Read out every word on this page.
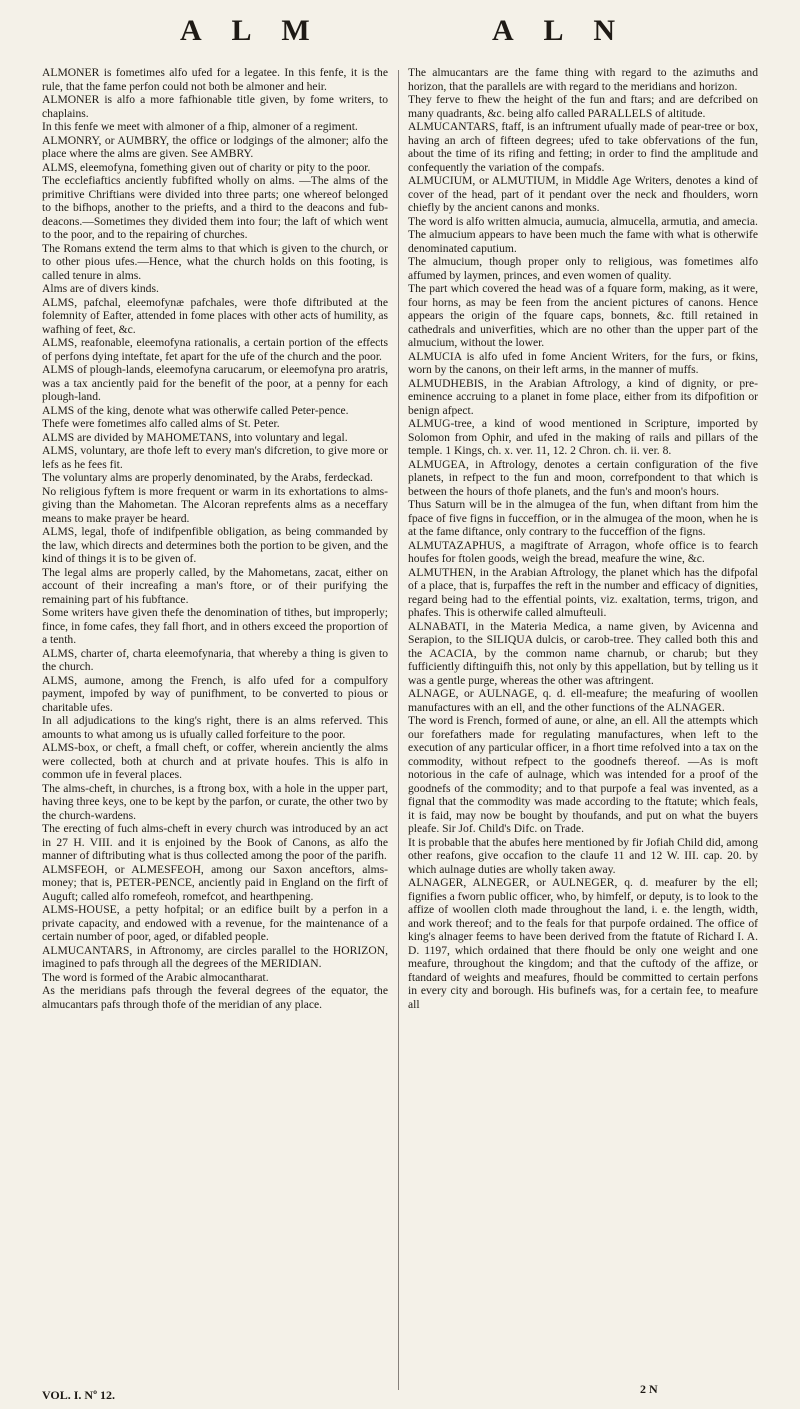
A L M	A L N

ALMONER is fometimes alfo ufed for a legatee. In this fenfe, it is the rule, that the fame perfon could not both be almoner and heir.

ALMONER is alfo a more fafhionable title given, by fome writers, to chaplains.

In this fenfe we meet with almoner of a fhip, almoner of a regiment.

ALMONRY, or AUMBRY, the office or lodgings of the almoner; alfo the place where the alms are given. See AMBRY.

ALMS, eleemofyna, fomething given out of charity or pity to the poor.

The ecclefiaftics anciently fubfifted wholly on alms. —The alms of the primitive Chriftians were divided into three parts; one whereof belonged to the bifhops, another to the priefts, and a third to the deacons and fub-deacons.—Sometimes they divided them into four; the laft of which went to the poor, and to the repairing of churches.

The Romans extend the term alms to that which is given to the church, or to other pious ufes.—Hence, what the church holds on this footing, is called tenure in alms.

Alms are of divers kinds.

ALMS, pafchal, eleemofynæ pafchales, were thofe diftributed at the folemnity of Eafter, attended in fome places with other acts of humility, as wafhing of feet, &c.

ALMS, reafonable, eleemofyna rationalis, a certain portion of the effects of perfons dying inteftate, fet apart for the ufe of the church and the poor.

ALMS of plough-lands, eleemofyna carucarum, or eleemofyna pro aratris, was a tax anciently paid for the benefit of the poor, at a penny for each plough-land.

ALMS of the king, denote what was otherwife called Peter-pence.

Thefe were fometimes alfo called alms of St. Peter.

ALMS are divided by MAHOMETANS, into voluntary and legal.

ALMS, voluntary, are thofe left to every man's difcretion, to give more or lefs as he fees fit.

The voluntary alms are properly denominated, by the Arabs, ferdeckad.

No religious fyftem is more frequent or warm in its exhortations to alms-giving than the Mahometan. The Alcoran reprefents alms as a neceffary means to make prayer be heard.

ALMS, legal, thofe of indifpenfible obligation, as being commanded by the law, which directs and determines both the portion to be given, and the kind of things it is to be given of.

The legal alms are properly called, by the Mahometans, zacat, either on account of their increafing a man's ftore, or of their purifying the remaining part of his fubftance.

Some writers have given thefe the denomination of tithes, but improperly; fince, in fome cafes, they fall fhort, and in others exceed the proportion of a tenth.

ALMS, charter of, charta eleemofynaria, that whereby a thing is given to the church.

ALMS, aumone, among the French, is alfo ufed for a compulfory payment, impofed by way of punifhment, to be converted to pious or charitable ufes.

In all adjudications to the king's right, there is an alms referved. This amounts to what among us is ufually called forfeiture to the poor.

ALMS-box, or cheft, a fmall cheft, or coffer, wherein anciently the alms were collected, both at church and at private houfes. This is alfo in common ufe in feveral places.

The alms-cheft, in churches, is a ftrong box, with a hole in the upper part, having three keys, one to be kept by the parfon, or curate, the other two by the church-wardens.

The erecting of fuch alms-cheft in every church was introduced by an act in 27 H. VIII. and it is enjoined by the Book of Canons, as alfo the manner of diftributing what is thus collected among the poor of the parifh.

ALMSFEOH, or ALMESFEOH, among our Saxon anceftors, alms-money; that is, PETER-PENCE, anciently paid in England on the firft of Auguft; called alfo romefeoh, romefcot, and hearthpening.

ALMS-HOUSE, a petty hofpital; or an edifice built by a perfon in a private capacity, and endowed with a revenue, for the maintenance of a certain number of poor, aged, or difabled people.

ALMUCANTARS, in Aftronomy, are circles parallel to the HORIZON, imagined to pafs through all the degrees of the MERIDIAN.

The word is formed of the Arabic almocantharat.

As the meridians pafs through the feveral degrees of the equator, the almucantars pafs through thofe of the meridian of any place.

The almucantars are the fame thing with regard to the azimuths and horizon, that the parallels are with regard to the meridians and horizon.

They ferve to fhew the height of the fun and ftars; and are defcribed on many quadrants, &c. being alfo called PARALLELS of altitude.

ALMUCANTARS, ftaff, is an inftrument ufually made of pear-tree or box, having an arch of fifteen degrees; ufed to take obfervations of the fun, about the time of its rifing and fetting; in order to find the amplitude and confequently the variation of the compafs.

ALMUCIUM, or ALMUTIUM, in Middle Age Writers, denotes a kind of cover of the head, part of it pendant over the neck and fhoulders, worn chiefly by the ancient canons and monks.

The word is alfo written almucia, aumucia, almucella, armutia, and amecia.

The almucium appears to have been much the fame with what is otherwife denominated caputium.

The almucium, though proper only to religious, was fometimes alfo affumed by laymen, princes, and even women of quality.

The part which covered the head was of a fquare form, making, as it were, four horns, as may be feen from the ancient pictures of canons. Hence appears the origin of the fquare caps, bonnets, &c. ftill retained in cathedrals and univerfities, which are no other than the upper part of the almucium, without the lower.

ALMUCIA is alfo ufed in fome Ancient Writers, for the furs, or fkins, worn by the canons, on their left arms, in the manner of muffs.

ALMUDHEBIS, in the Arabian Aftrology, a kind of dignity, or pre-eminence accruing to a planet in fome place, either from its difpofition or benign afpect.

ALMUG-tree, a kind of wood mentioned in Scripture, imported by Solomon from Ophir, and ufed in the making of rails and pillars of the temple. 1 Kings, ch. x. ver. 11, 12. 2 Chron. ch. ii. ver. 8.

ALMUGEA, in Aftrology, denotes a certain configuration of the five planets, in refpect to the fun and moon, correfpondent to that which is between the hours of thofe planets, and the fun's and moon's hours.

Thus Saturn will be in the almugea of the fun, when diftant from him the fpace of five figns in fucceffion, or in the almugea of the moon, when he is at the fame diftance, only contrary to the fucceffion of the figns.

ALMUTAZAPHUS, a magiftrate of Arragon, whofe office is to fearch houfes for ftolen goods, weigh the bread, meafure the wine, &c.

ALMUTHEN, in the Arabian Aftrology, the planet which has the difpofal of a place, that is, furpaffes the reft in the number and efficacy of dignities, regard being had to the effential points, viz. exaltation, terms, trigon, and phafes. This is otherwife called almufteuli.

ALNABATI, in the Materia Medica, a name given, by Avicenna and Serapion, to the SILIQUA dulcis, or carob-tree. They called both this and the ACACIA, by the common name charnub, or charub; but they fufficiently diftinguifh this, not only by this appellation, but by telling us it was a gentle purge, whereas the other was aftringent.

ALNAGE, or AULNAGE, q. d. ell-meafure; the meafuring of woollen manufactures with an ell, and the other functions of the ALNAGER.

The word is French, formed of aune, or alne, an ell. All the attempts which our forefathers made for regulating manufactures, when left to the execution of any particular officer, in a fhort time refolved into a tax on the commodity, without refpect to the goodnefs thereof. —As is moft notorious in the cafe of aulnage, which was intended for a proof of the goodnefs of the commodity; and to that purpofe a feal was invented, as a fignal that the commodity was made according to the ftatute; which feals, it is faid, may now be bought by thoufands, and put on what the buyers pleafe. Sir Jof. Child's Difc. on Trade.

It is probable that the abufes here mentioned by fir Jofiah Child did, among other reafons, give occafion to the claufe 11 and 12 W. III. cap. 20. by which aulnage duties are wholly taken away.

ALNAGER, ALNEGER, or AULNEGER, q. d. meafurer by the ell; fignifies a fworn public officer, who, by himfelf, or deputy, is to look to the affize of woollen cloth made throughout the land, i. e. the length, width, and work thereof; and to the feals for that purpofe ordained. The office of king's alnager feems to have been derived from the ftatute of Richard I. A. D. 1197, which ordained that there fhould be only one weight and one meafure, throughout the kingdom; and that the cuftody of the affize, or ftandard of weights and meafures, fhould be committed to certain perfons in every city and borough. His bufinefs was, for a certain fee, to meafure all

VOL. I. Nº 12.	2 N
